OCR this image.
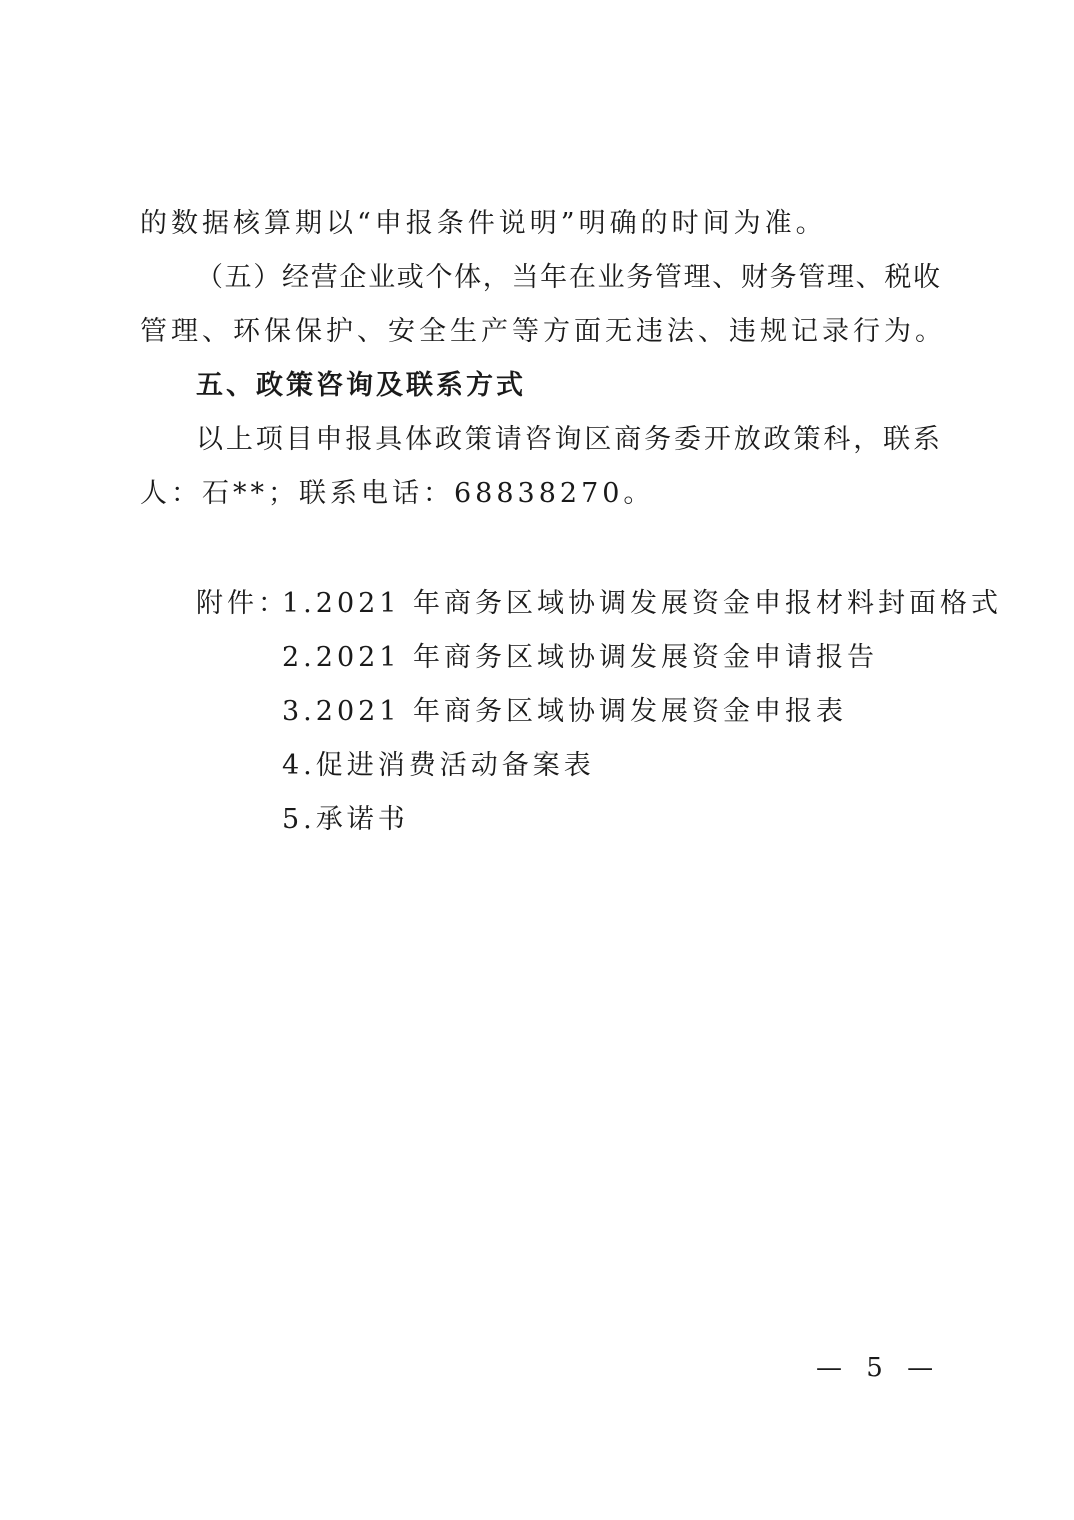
的数据核算期以“申报条件说明”明确的时间为准。
（五）经营企业或个体，当年在业务管理、财务管理、税收
管理、环保保护、安全生产等方面无违法、违规记录行为。
五、政策咨询及联系方式
以上项目申报具体政策请咨询区商务委开放政策科，联系
人：石**；联系电话：68838270。
附件：
1.2021 年商务区域协调发展资金申报材料封面格式
2.2021 年商务区域协调发展资金申请报告
3.2021 年商务区域协调发展资金申报表
4.促进消费活动备案表
5.承诺书
— 5 —
